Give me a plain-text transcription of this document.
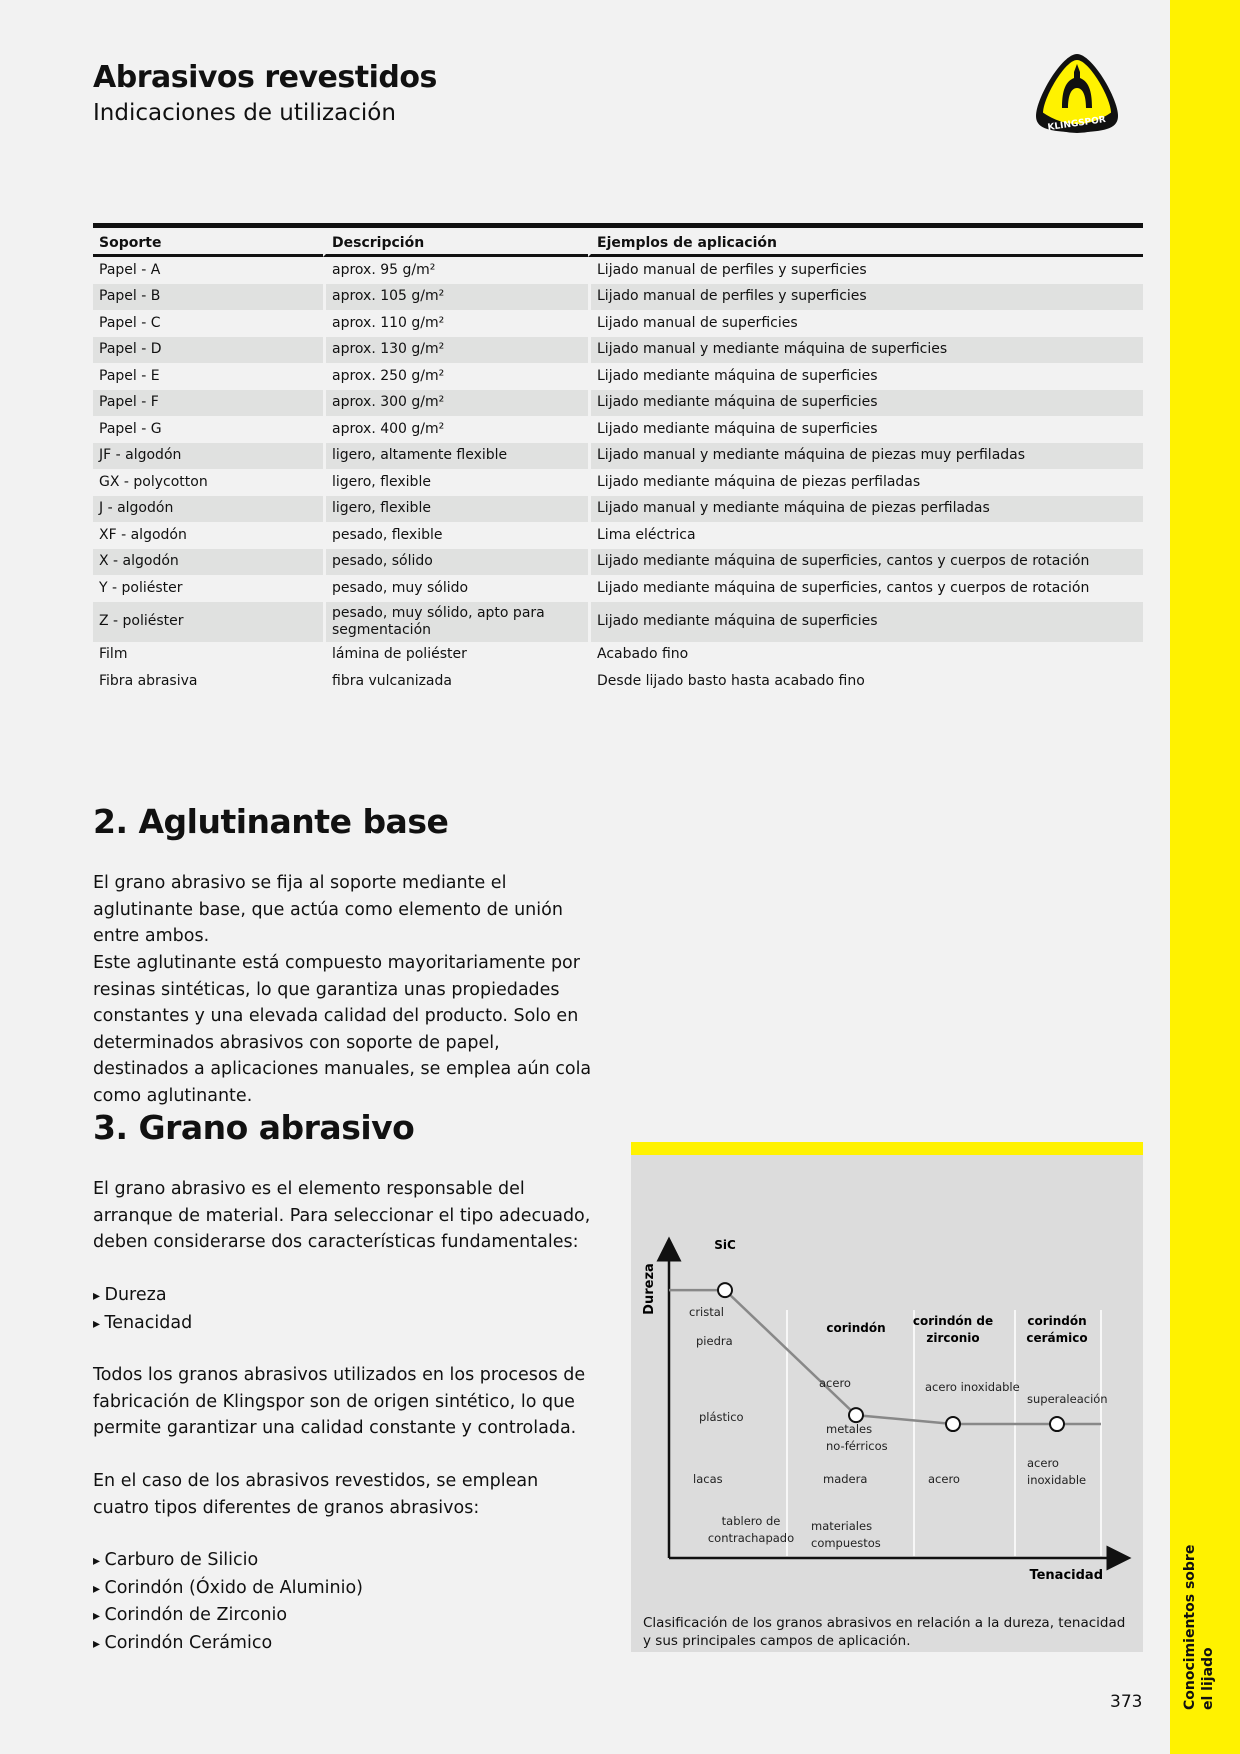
Conocimientos sobre el lijado
Abrasivos revestidos
Indicaciones de utilización	KLINGSPOR
Soporte	Descripción	Ejemplos de aplicación
Papel - A	aprox. 95 g/m²	Lijado manual de perfiles y superficies
Papel - B	aprox. 105 g/m²	Lijado manual de perfiles y superficies
Papel - C	aprox. 110 g/m²	Lijado manual de superficies
Papel - D	aprox. 130 g/m²	Lijado manual y mediante máquina de superficies
Papel - E	aprox. 250 g/m²	Lijado mediante máquina de superficies
Papel - F	aprox. 300 g/m²	Lijado mediante máquina de superficies
Papel - G	aprox. 400 g/m²	Lijado mediante máquina de superficies
JF - algodón	ligero, altamente flexible	Lijado manual y mediante máquina de piezas muy perfiladas
GX - polycotton	ligero, flexible	Lijado mediante máquina de piezas perfiladas
J - algodón	ligero, flexible	Lijado manual y mediante máquina de piezas perfiladas
XF - algodón	pesado, flexible	Lima eléctrica
X - algodón	pesado, sólido	Lijado mediante máquina de superficies, cantos y cuerpos de rotación
Y - poliéster	pesado, muy sólido	Lijado mediante máquina de superficies, cantos y cuerpos de rotación
Z - poliéster	pesado, muy sólido, apto para segmentación	Lijado mediante máquina de superficies
Film	lámina de poliéster	Acabado fino
Fibra abrasiva	fibra vulcanizada	Desde lijado basto hasta acabado fino
2. Aglutinante base

El grano abrasivo se fija al soporte mediante el aglutinante base, que actúa como elemento de unión entre ambos.

Este aglutinante está compuesto mayoritariamente por resinas sintéticas, lo que garantiza unas propiedades constantes y una elevada calidad del producto. Solo en determinados abrasivos con soporte de papel, destinados a aplicaciones manuales, se emplea aún cola como aglutinante.

3. Grano abrasivo

El grano abrasivo es el elemento responsable del arranque de material. Para seleccionar el tipo adecuado, deben considerarse dos características fundamentales:

▸ Dureza
▸ Tenacidad

Todos los granos abrasivos utilizados en los procesos de fabricación de Klingspor son de origen sintético, lo que permite garantizar una calidad constante y controlada.

En el caso de los abrasivos revestidos, se emplean cuatro tipos diferentes de granos abrasivos:

▸ Carburo de Silicio
▸ Corindón (Óxido de Aluminio)
▸ Corindón de Zirconio
▸ Corindón Cerámico
Dureza
Tenacidad
SiC
corindón corindón de zirconio
corindón cerámico
cristal
piedra
plástico
lacas
tablero de contrachapado
acero
metales no-férricos
madera
materiales compuestos
acero inoxidable
acero
superaleación
acero inoxidable

Clasificación de los granos abrasivos en relación a la dureza, tenacidad y sus principales campos de aplicación.

373
